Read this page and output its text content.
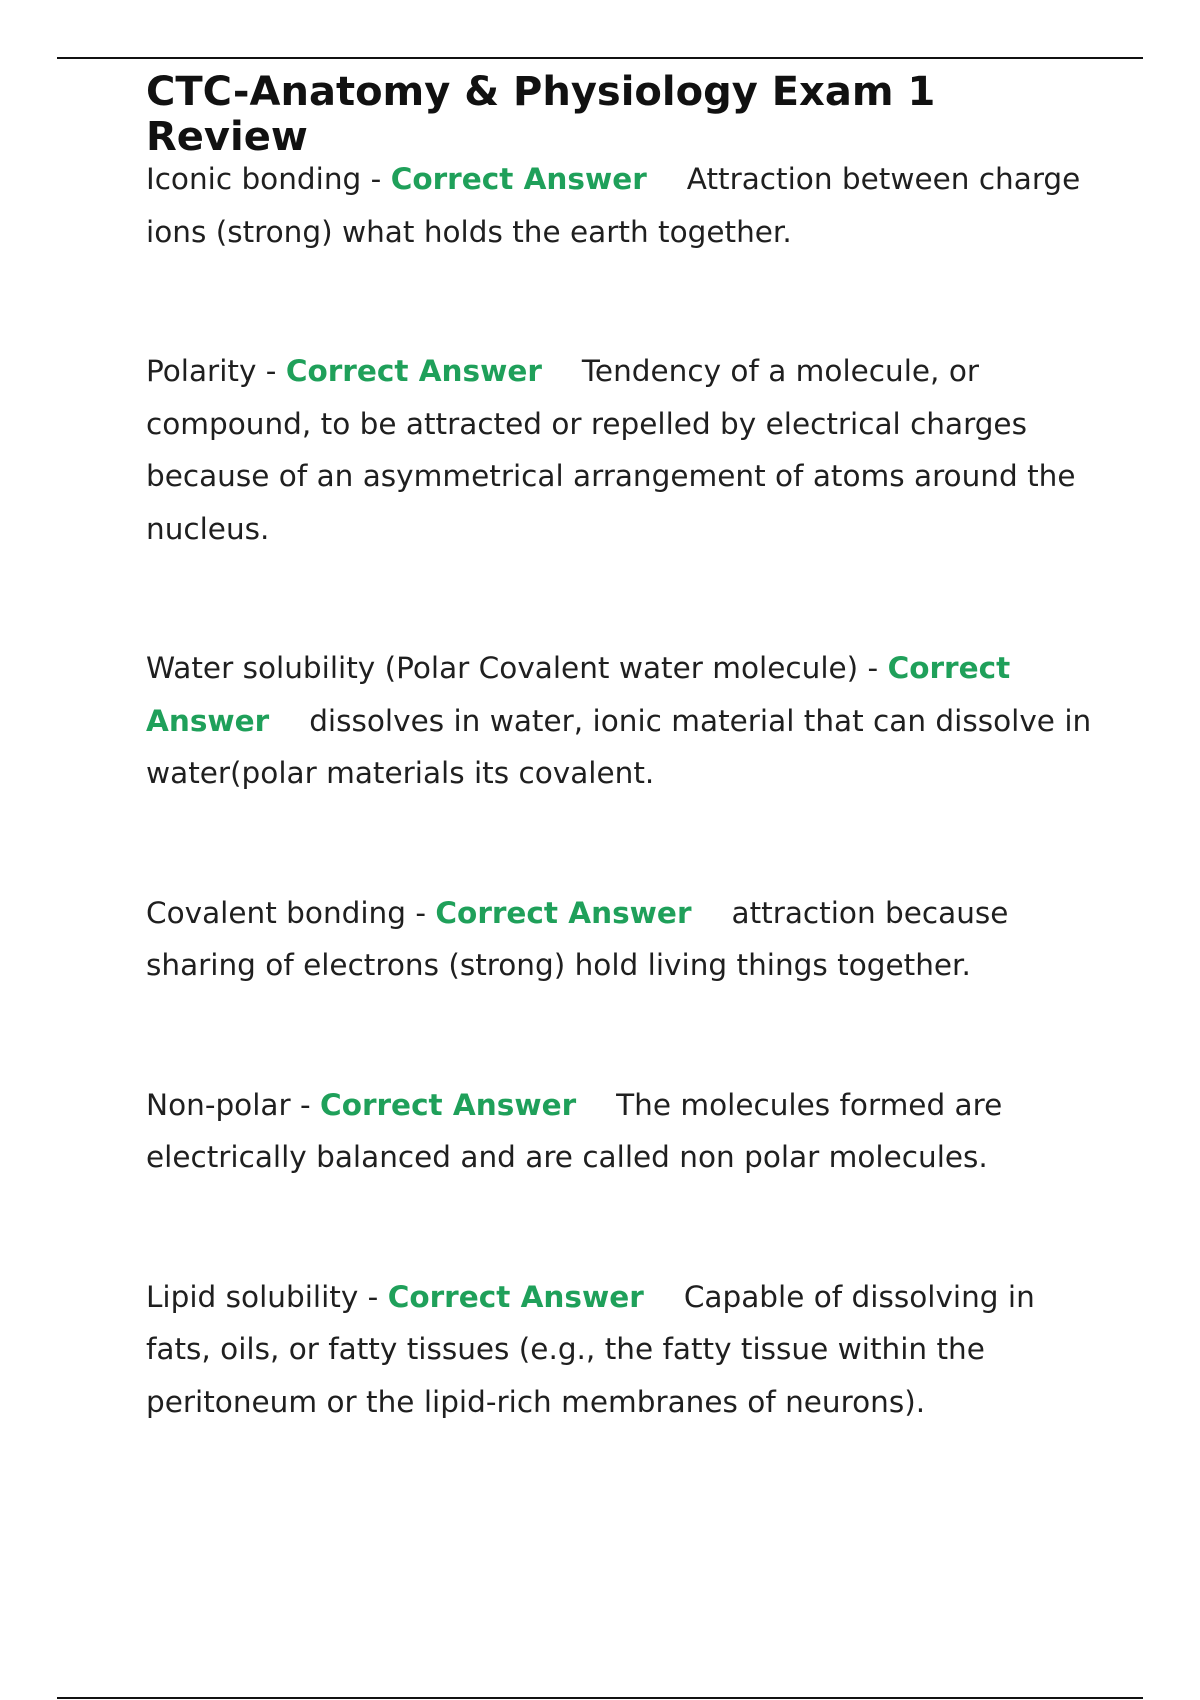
CTC-Anatomy & Physiology Exam 1 Review

Iconic bonding - Correct Answer Attraction between charge ions (strong) what holds the earth together.

Polarity - Correct Answer Tendency of a molecule, or compound, to be attracted or repelled by electrical charges because of an asymmetrical arrangement of atoms around the nucleus.

Water solubility (Polar Covalent water molecule) - Correct Answer dissolves in water, ionic material that can dissolve in water(polar materials its covalent.

Covalent bonding - Correct Answer attraction because sharing of electrons (strong) hold living things together.

Non-polar - Correct Answer The molecules formed are electrically balanced and are called non polar molecules.

Lipid solubility - Correct Answer Capable of dissolving in fats, oils, or fatty tissues (e.g., the fatty tissue within the peritoneum or the lipid-rich membranes of neurons).
